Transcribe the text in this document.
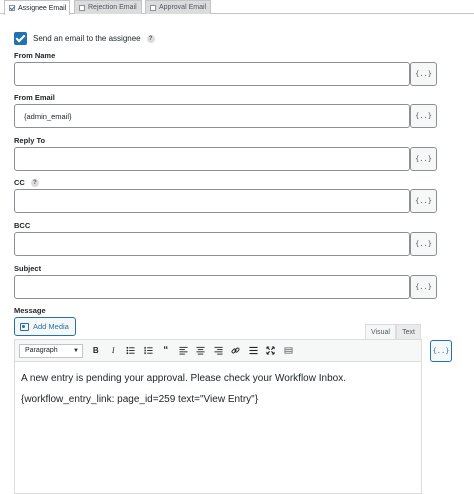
Assignee Email	Rejection Email	Approval Email
Send an email to the assignee	?
From Name
{..}
From Email
{admin_email}	{..}
Reply To
{..}
CC	?
{..}
BCC
{..}
Subject
{..}
Message
Add Media
Visual	Text
Paragraph	▼	B	I	“

A new entry is pending your approval. Please check your Workflow Inbox.

{workflow_entry_link: page_id=259 text="View Entry"}

{..}
